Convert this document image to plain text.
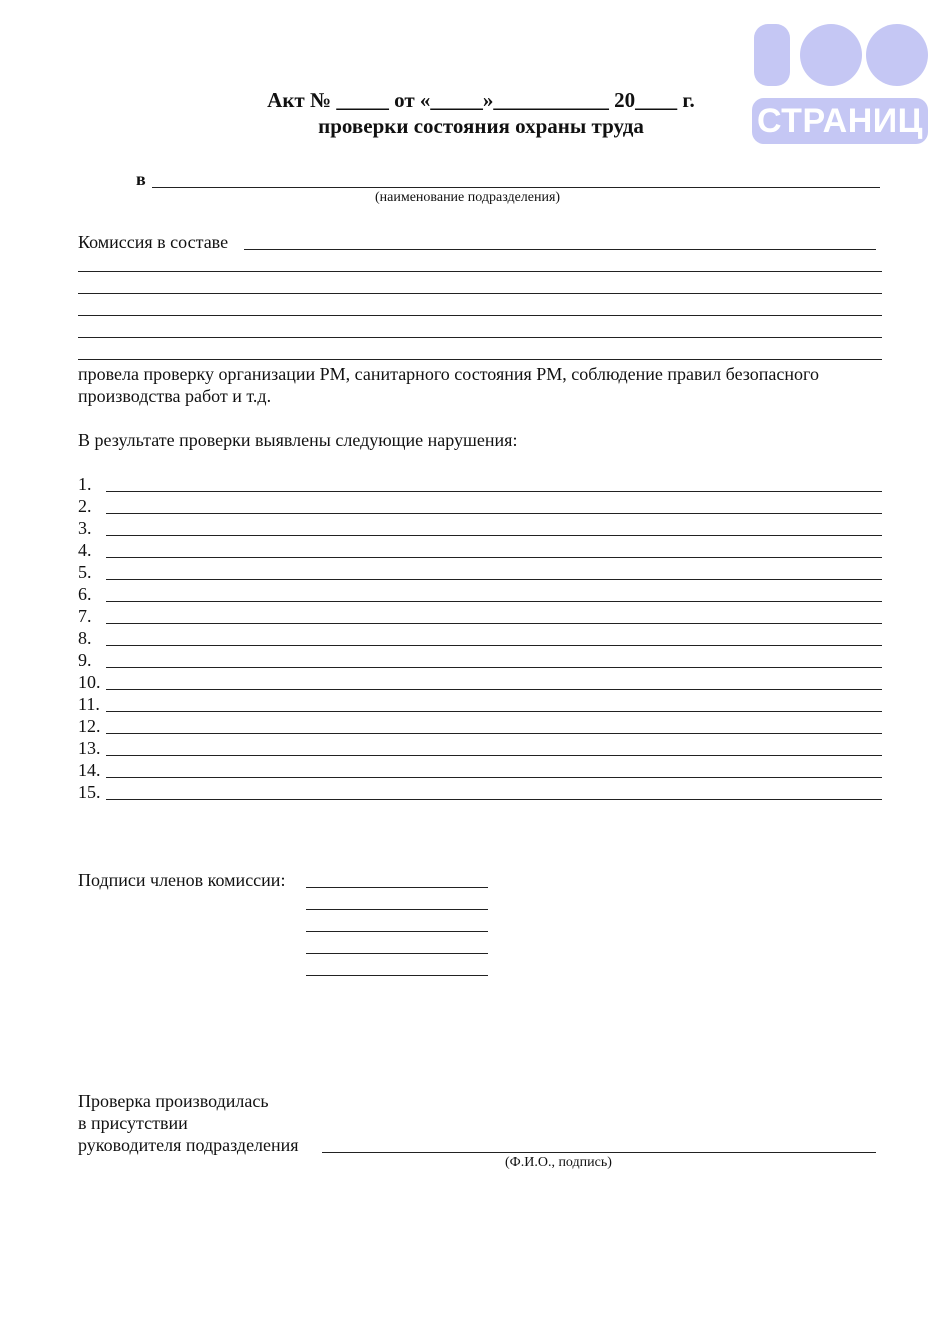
СТРАНИЦ
Акт № _____ от «_____»___________ 20____ г.
проверки состояния охраны труда
в
(наименование подразделения)
Комиссия в составе
провела проверку организации РМ, санитарного состояния РМ, соблюдение правил безопасного
производства работ и т.д.
В результате проверки выявлены следующие нарушения:
1.
2.
3.
4.
5.
6.
7.
8.
9.
10.
11.
12.
13.
14.
15.
Подписи членов комиссии:
Проверка производилась
в присутствии
руководителя подразделения
(Ф.И.О., подпись)
